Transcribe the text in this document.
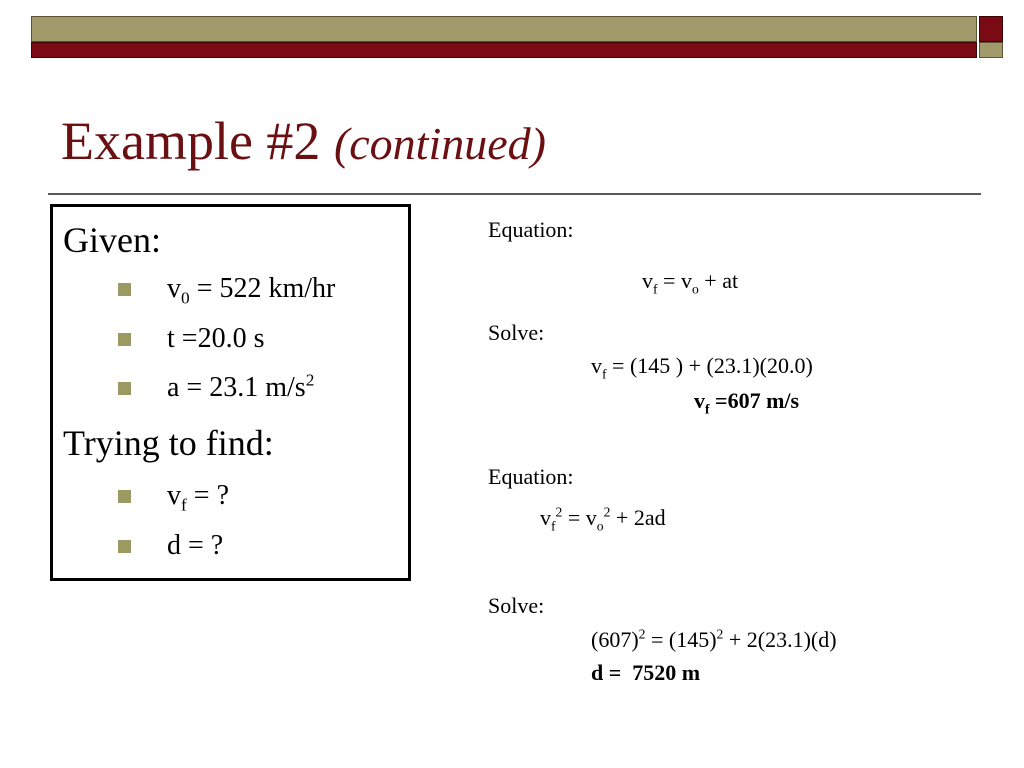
Example #2 (continued)
Given:
$v_0 = 522$ km/hr
t =20.0 s
a = 23.1 $m/s^2$
Trying to find:
$v_f$ = ?
d = ?
Equation:
$v_f = v_o$ + at
Solve:
$v_f = (145$ ) + (23.1)(20.0)
$v_f =607$ m/s
Equation:
$v_f^2 = v_o^2 + 2ad$
Solve:
$(607)^2 = (145)^2 + 2(23.1)(d)$
d =  7520 m
